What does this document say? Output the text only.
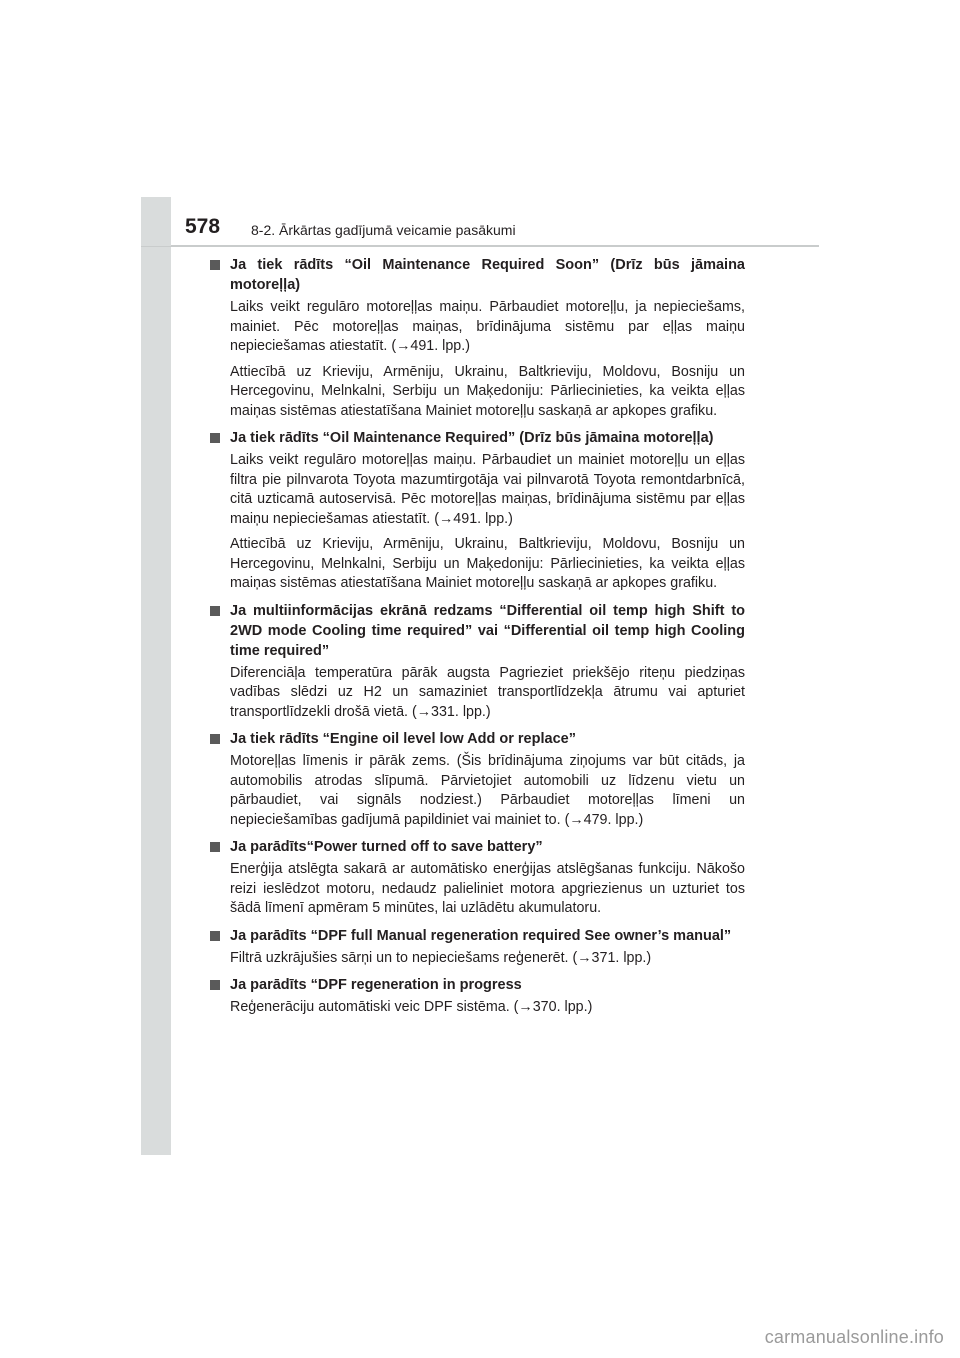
578 8-2. Ārkārtas gadījumā veicamie pasākumi
Ja tiek rādīts “Oil Maintenance Required Soon” (Drīz būs jāmaina motoreļļa)
Laiks veikt regulāro motoreļļas maiņu. Pārbaudiet motoreļļu, ja nepieciešams, mainiet. Pēc motoreļļas maiņas, brīdinājuma sistēmu par eļļas maiņu nepieciešamas atiestatīt. (→491. lpp.)
Attiecībā uz Krieviju, Armēniju, Ukrainu, Baltkrieviju, Moldovu, Bosniju un Hercegovinu, Melnkalni, Serbiju un Maķedoniju: Pārliecinieties, ka veikta eļļas maiņas sistēmas atiestatīšana Mainiet motoreļļu saskaņā ar apkopes grafiku.
Ja tiek rādīts “Oil Maintenance Required” (Drīz būs jāmaina motoreļļa)
Laiks veikt regulāro motoreļļas maiņu. Pārbaudiet un mainiet motoreļļu un eļļas filtra pie pilnvarota Toyota mazumtirgotāja vai pilnvarotā Toyota remontdarbnīcā, citā uzticamā autoservisā. Pēc motoreļļas maiņas, brīdinājuma sistēmu par eļļas maiņu nepieciešamas atiestatīt. (→491. lpp.)
Attiecībā uz Krieviju, Armēniju, Ukrainu, Baltkrieviju, Moldovu, Bosniju un Hercegovinu, Melnkalni, Serbiju un Maķedoniju: Pārliecinieties, ka veikta eļļas maiņas sistēmas atiestatīšana Mainiet motoreļļu saskaņā ar apkopes grafiku.
Ja multiinformācijas ekrānā redzams “Differential oil temp high Shift to 2WD mode Cooling time required” vai “Differential oil temp high Cooling time required”
Diferenciāļa temperatūra pārāk augsta Pagrieziet priekšējo riteņu piedziņas vadības slēdzi uz H2 un samaziniet transportlīdzekļa ātrumu vai apturiet transportlīdzekli drošā vietā. (→331. lpp.)
Ja tiek rādīts “Engine oil level low Add or replace”
Motoreļļas līmenis ir pārāk zems. (Šis brīdinājuma ziņojums var būt citāds, ja automobilis atrodas slīpumā. Pārvietojiet automobili uz līdzenu vietu un pārbaudiet, vai signāls nodziest.) Pārbaudiet motoreļļas līmeni un nepieciešamības gadījumā papildiniet vai mainiet to. (→479. lpp.)
Ja parādīts“Power turned off to save battery”
Enerģija atslēgta sakarā ar automātisko enerģijas atslēgšanas funkciju. Nākošo reizi ieslēdzot motoru, nedaudz palieliniet motora apgriezienus un uzturiet tos šādā līmenī apmēram 5 minūtes, lai uzlādētu akumulatoru.
Ja parādīts “DPF full Manual regeneration required See owner’s manual”
Filtrā uzkrājušies sārņi un to nepieciešams reģenerēt. (→371. lpp.)
Ja parādīts “DPF regeneration in progress
Reģenerāciju automātiski veic DPF sistēma. (→370. lpp.)
carmanualsonline.info
